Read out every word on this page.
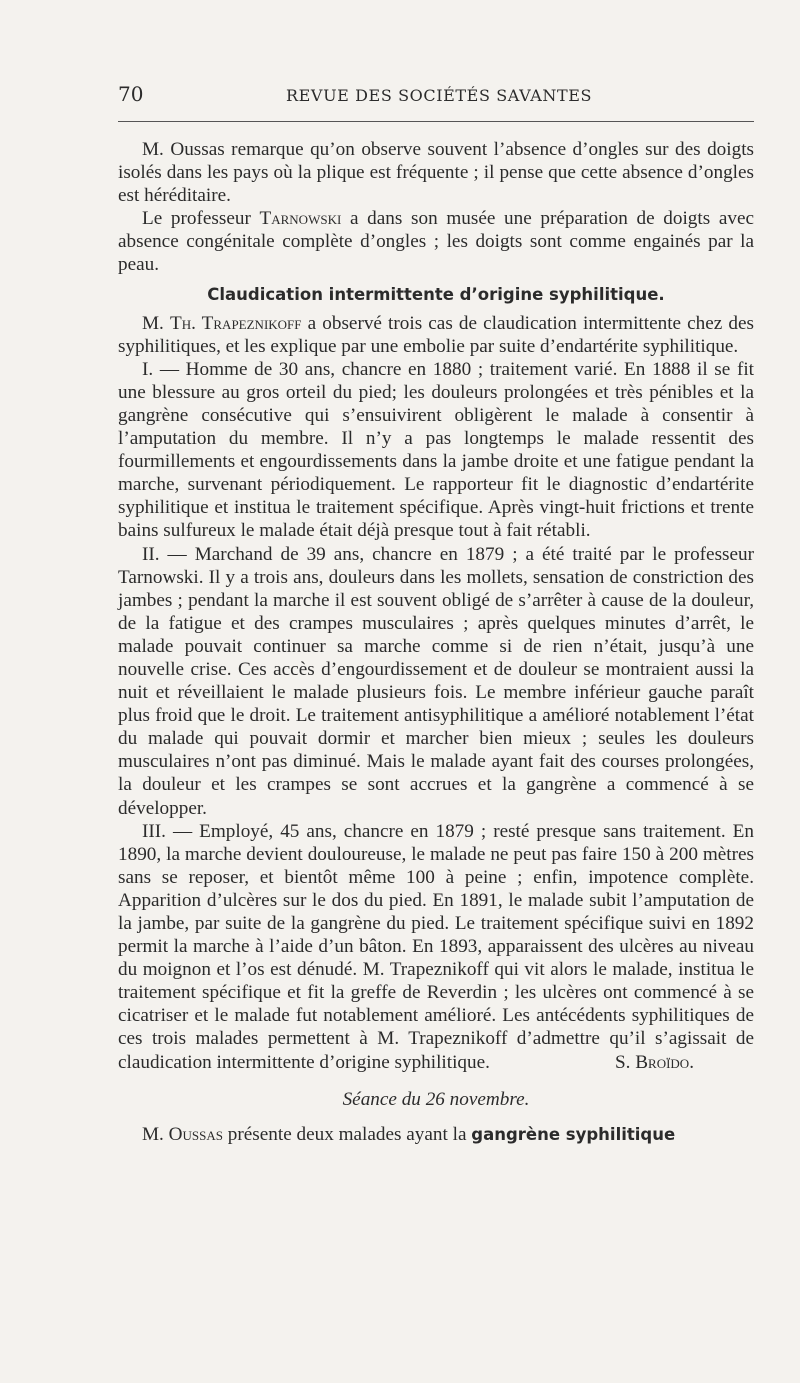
70	REVUE DES SOCIÉTÉS SAVANTES

M. Oussas remarque qu’on observe souvent l’absence d’ongles sur des doigts isolés dans les pays où la plique est fréquente ; il pense que cette absence d’ongles est héréditaire.

Le professeur Tarnowski a dans son musée une préparation de doigts avec absence congénitale complète d’ongles ; les doigts sont comme engainés par la peau.

Claudication intermittente d’origine syphilitique.

M. Th. Trapeznikoff a observé trois cas de claudication intermittente chez des syphilitiques, et les explique par une embolie par suite d’endartérite syphilitique.

I. — Homme de 30 ans, chancre en 1880 ; traitement varié. En 1888 il se fit une blessure au gros orteil du pied; les douleurs prolongées et très pénibles et la gangrène consécutive qui s’ensuivirent obligèrent le malade à consentir à l’amputation du membre. Il n’y a pas longtemps le malade ressentit des fourmillements et engourdissements dans la jambe droite et une fatigue pendant la marche, survenant périodiquement. Le rapporteur fit le diagnostic d’endartérite syphilitique et institua le traitement spécifique. Après vingt-huit frictions et trente bains sulfureux le malade était déjà presque tout à fait rétabli.

II. — Marchand de 39 ans, chancre en 1879 ; a été traité par le professeur Tarnowski. Il y a trois ans, douleurs dans les mollets, sensation de constriction des jambes ; pendant la marche il est souvent obligé de s’arrêter à cause de la douleur, de la fatigue et des crampes musculaires ; après quelques minutes d’arrêt, le malade pouvait continuer sa marche comme si de rien n’était, jusqu’à une nouvelle crise. Ces accès d’engourdissement et de douleur se montraient aussi la nuit et réveillaient le malade plusieurs fois. Le membre inférieur gauche paraît plus froid que le droit. Le traitement antisyphilitique a amélioré notablement l’état du malade qui pouvait dormir et marcher bien mieux ; seules les douleurs musculaires n’ont pas diminué. Mais le malade ayant fait des courses prolongées, la douleur et les crampes se sont accrues et la gangrène a commencé à se développer.

III. — Employé, 45 ans, chancre en 1879 ; resté presque sans traitement. En 1890, la marche devient douloureuse, le malade ne peut pas faire 150 à 200 mètres sans se reposer, et bientôt même 100 à peine ; enfin, impotence complète. Apparition d’ulcères sur le dos du pied. En 1891, le malade subit l’amputation de la jambe, par suite de la gangrène du pied. Le traitement spécifique suivi en 1892 permit la marche à l’aide d’un bâton. En 1893, apparaissent des ulcères au niveau du moignon et l’os est dénudé. M. Trapeznikoff qui vit alors le malade, institua le traitement spécifique et fit la greffe de Reverdin ; les ulcères ont commencé à se cicatriser et le malade fut notablement amélioré. Les antécédents syphilitiques de ces trois malades permettent à M. Trapeznikoff d’admettre qu’il s’agissait de claudication intermittente d’origine syphilitique.	S. Broïdo.

Séance du 26 novembre.

M. Oussas présente deux malades ayant la gangrène syphilitique
